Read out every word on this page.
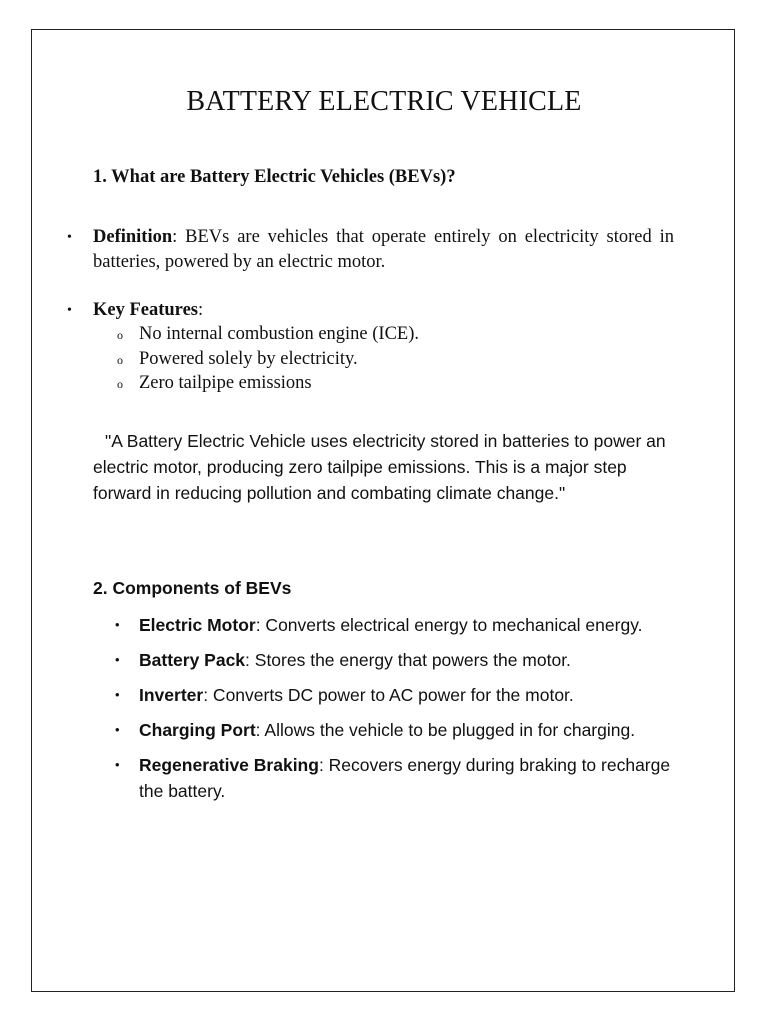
BATTERY ELECTRIC VEHICLE
1. What are Battery Electric Vehicles (BEVs)?
• Definition: BEVs are vehicles that operate entirely on electricity stored in batteries, powered by an electric motor.
• Key Features:
o No internal combustion engine (ICE).
o Powered solely by electricity.
o Zero tailpipe emissions
"A Battery Electric Vehicle uses electricity stored in batteries to power an electric motor, producing zero tailpipe emissions. This is a major step    forward in reducing pollution and combating climate change."
2. Components of BEVs
• Electric Motor: Converts electrical energy to mechanical energy.
• Battery Pack: Stores the energy that powers the motor.
• Inverter: Converts DC power to AC power for the motor.
• Charging Port: Allows the vehicle to be plugged in for charging.
• Regenerative Braking: Recovers energy during braking to recharge the battery.
